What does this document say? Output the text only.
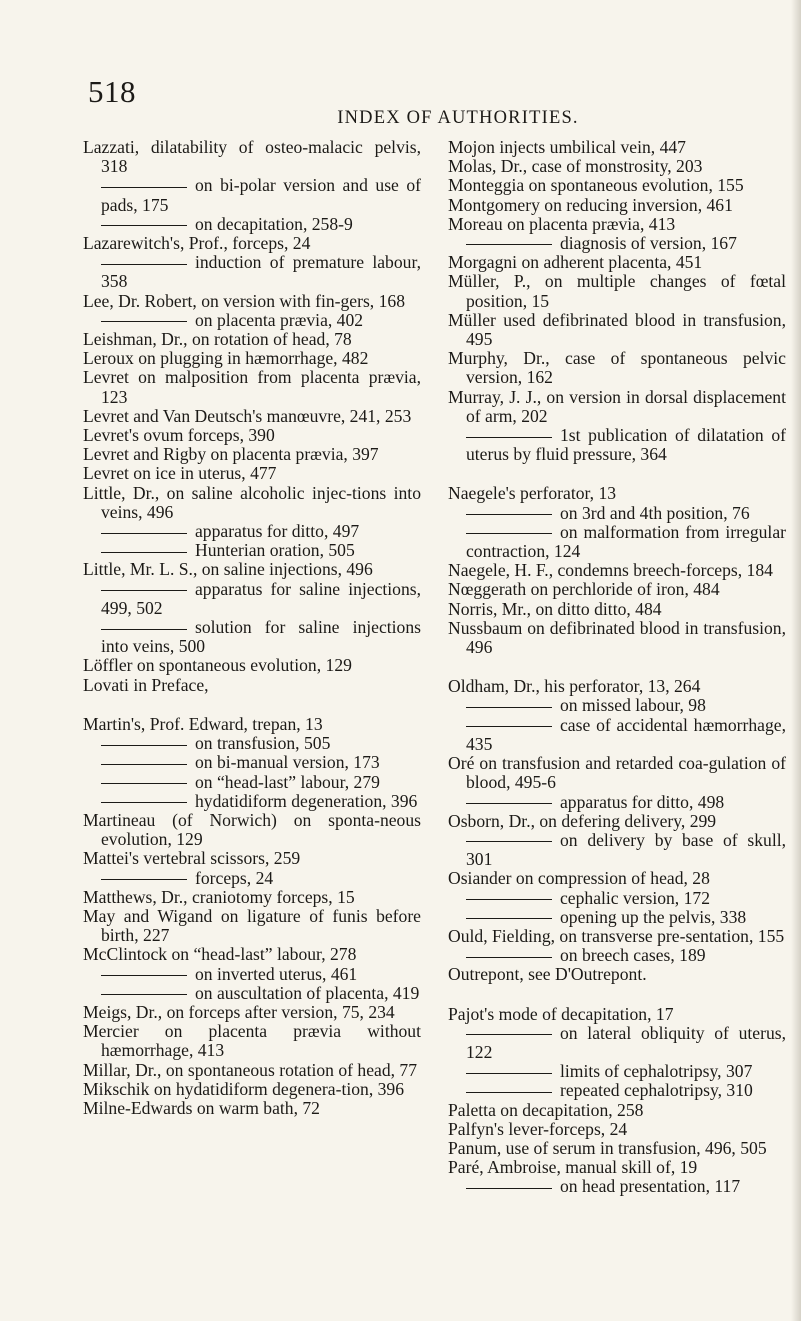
518
INDEX OF AUTHORITIES.

Lazzati, dilatability of osteo-malacic pelvis, 318

on bi-polar version and use of pads, 175

on decapitation, 258-9

Lazarewitch's, Prof., forceps, 24

induction of premature labour, 358

Lee, Dr. Robert, on version with fin-gers, 168

on placenta prævia, 402

Leishman, Dr., on rotation of head, 78

Leroux on plugging in hæmorrhage, 482

Levret on malposition from placenta prævia, 123

Levret and Van Deutsch's manœuvre, 241, 253

Levret's ovum forceps, 390

Levret and Rigby on placenta prævia, 397

Levret on ice in uterus, 477

Little, Dr., on saline alcoholic injec-tions into veins, 496

apparatus for ditto, 497

Hunterian oration, 505

Little, Mr. L. S., on saline injections, 496

apparatus for saline injections, 499, 502

solution for saline injections into veins, 500

Löffler on spontaneous evolution, 129

Lovati in Preface,

Martin's, Prof. Edward, trepan, 13

on transfusion, 505

on bi-manual version, 173

on “head-last” labour, 279

hydatidiform degeneration, 396

Martineau (of Norwich) on sponta-neous evolution, 129

Mattei's vertebral scissors, 259

forceps, 24

Matthews, Dr., craniotomy forceps, 15

May and Wigand on ligature of funis before birth, 227

McClintock on “head-last” labour, 278

on inverted uterus, 461

on auscultation of placenta, 419

Meigs, Dr., on forceps after version, 75, 234

Mercier on placenta prævia without hæmorrhage, 413

Millar, Dr., on spontaneous rotation of head, 77

Mikschik on hydatidiform degenera-tion, 396

Milne-Edwards on warm bath, 72

Mojon injects umbilical vein, 447

Molas, Dr., case of monstrosity, 203

Monteggia on spontaneous evolution, 155

Montgomery on reducing inversion, 461

Moreau on placenta prævia, 413

diagnosis of version, 167

Morgagni on adherent placenta, 451

Müller, P., on multiple changes of fœtal position, 15

Müller used defibrinated blood in transfusion, 495

Murphy, Dr., case of spontaneous pelvic version, 162

Murray, J. J., on version in dorsal displacement of arm, 202

1st publication of dilatation of uterus by fluid pressure, 364

Naegele's perforator, 13

on 3rd and 4th position, 76

on malformation from irregular contraction, 124

Naegele, H. F., condemns breech-forceps, 184

Nœggerath on perchloride of iron, 484

Norris, Mr., on ditto ditto, 484

Nussbaum on defibrinated blood in transfusion, 496

Oldham, Dr., his perforator, 13, 264

on missed labour, 98

case of accidental hæmorrhage, 435

Oré on transfusion and retarded coa-gulation of blood, 495-6

apparatus for ditto, 498

Osborn, Dr., on defering delivery, 299

on delivery by base of skull, 301

Osiander on compression of head, 28

cephalic version, 172

opening up the pelvis, 338

Ould, Fielding, on transverse pre-sentation, 155

on breech cases, 189

Outrepont, see D'Outrepont.

Pajot's mode of decapitation, 17

on lateral obliquity of uterus, 122

limits of cephalotripsy, 307

repeated cephalotripsy, 310

Paletta on decapitation, 258

Palfyn's lever-forceps, 24

Panum, use of serum in transfusion, 496, 505

Paré, Ambroise, manual skill of, 19

on head presentation, 117
